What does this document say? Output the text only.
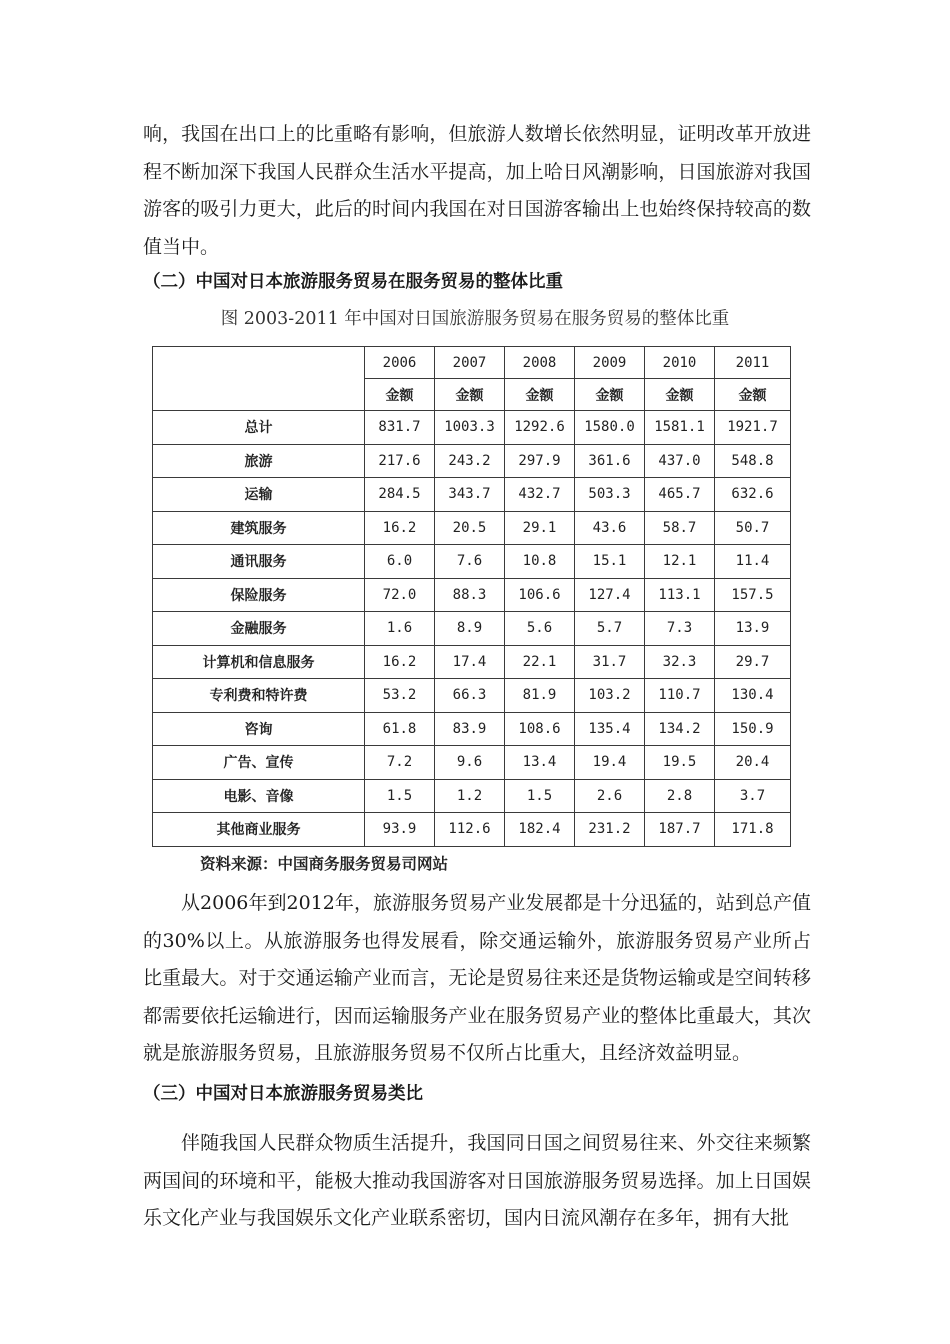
响，我国在出口上的比重略有影响，但旅游人数增长依然明显，证明改革开放进程不断加深下我国人民群众生活水平提高，加上哈日风潮影响，日国旅游对我国游客的吸引力更大，此后的时间内我国在对日国游客输出上也始终保持较高的数值当中。

（二）中国对日本旅游服务贸易在服务贸易的整体比重

图 2003-2011 年中国对日国旅游服务贸易在服务贸易的整体比重

	2006	2007	2008	2009	2010	2011
	金额	金额	金额	金额	金额	金额
总计	831.7	1003.3	1292.6	1580.0	1581.1	1921.7
旅游	217.6	243.2	297.9	361.6	437.0	548.8
运输	284.5	343.7	432.7	503.3	465.7	632.6
建筑服务	16.2	20.5	29.1	43.6	58.7	50.7
通讯服务	6.0	7.6	10.8	15.1	12.1	11.4
保险服务	72.0	88.3	106.6	127.4	113.1	157.5
金融服务	1.6	8.9	5.6	5.7	7.3	13.9
计算机和信息服务	16.2	17.4	22.1	31.7	32.3	29.7
专利费和特许费	53.2	66.3	81.9	103.2	110.7	130.4
咨询	61.8	83.9	108.6	135.4	134.2	150.9
广告、宣传	7.2	9.6	13.4	19.4	19.5	20.4
电影、音像	1.5	1.2	1.5	2.6	2.8	3.7
其他商业服务	93.9	112.6	182.4	231.2	187.7	171.8

资料来源：中国商务服务贸易司网站

从2006年到2012年，旅游服务贸易产业发展都是十分迅猛的，站到总产值的30%以上。从旅游服务也得发展看，除交通运输外，旅游服务贸易产业所占比重最大。对于交通运输产业而言，无论是贸易往来还是货物运输或是空间转移都需要依托运输进行，因而运输服务产业在服务贸易产业的整体比重最大，其次就是旅游服务贸易，且旅游服务贸易不仅所占比重大，且经济效益明显。

（三）中国对日本旅游服务贸易类比

伴随我国人民群众物质生活提升，我国同日国之间贸易往来、外交往来频繁两国间的环境和平，能极大推动我国游客对日国旅游服务贸易选择。加上日国娱乐文化产业与我国娱乐文化产业联系密切，国内日流风潮存在多年，拥有大批
